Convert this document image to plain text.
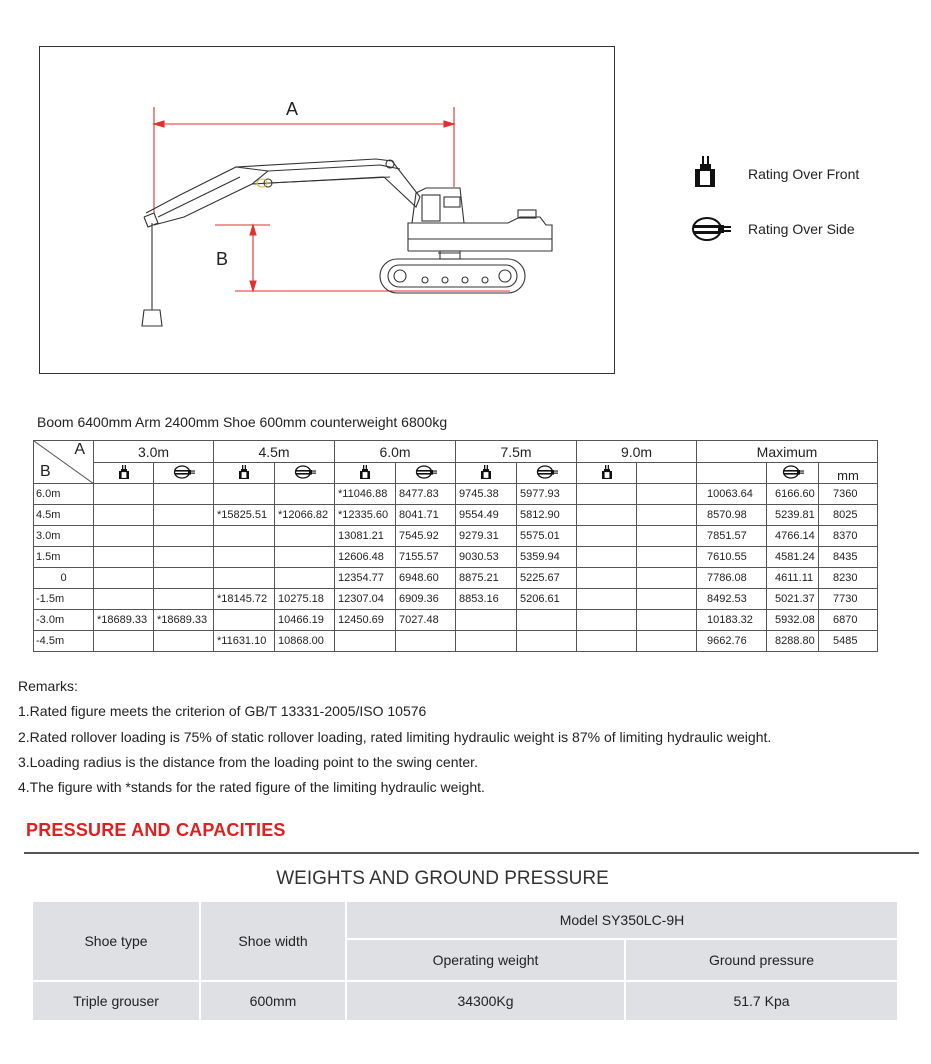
A
B
Rating Over Front
Rating Over Side
Boom 6400mm Arm 2400mm Shoe 600mm counterweight 6800kg
A
B	3.0m		4.5m		6.0m		7.5m		9.0m		Maximum		
												mm
6.0m					*11046.88	8477.83	9745.38	5977.93			10063.64	6166.60	7360
4.5m			*15825.51	*12066.82	*12335.60	8041.71	9554.49	5812.90			8570.98	5239.81	8025
3.0m					13081.21	7545.92	9279.31	5575.01			7851.57	4766.14	8370
1.5m					12606.48	7155.57	9030.53	5359.94			7610.55	4581.24	8435
0					12354.77	6948.60	8875.21	5225.67			7786.08	4611.11	8230
-1.5m			*18145.72	10275.18	12307.04	6909.36	8853.16	5206.61			8492.53	5021.37	7730
-3.0m	*18689.33	*18689.33		10466.19	12450.69	7027.48					10183.32	5932.08	6870
-4.5m			*11631.10	10868.00							9662.76	8288.80	5485
Remarks:
1.Rated figure meets the criterion of GB/T 13331-2005/ISO 10576
2.Rated rollover loading is 75% of static rollover loading, rated limiting hydraulic weight is 87% of limiting hydraulic weight.
3.Loading radius is the distance from the loading point to the swing center.
4.The figure with *stands for the rated figure of the limiting hydraulic weight.
PRESSURE AND CAPACITIES
WEIGHTS AND GROUND PRESSURE
Shoe type	Shoe width	Model SY350LC-9H	
		Operating weight	Ground pressure
Triple grouser	600mm	34300Kg	51.7 Kpa
